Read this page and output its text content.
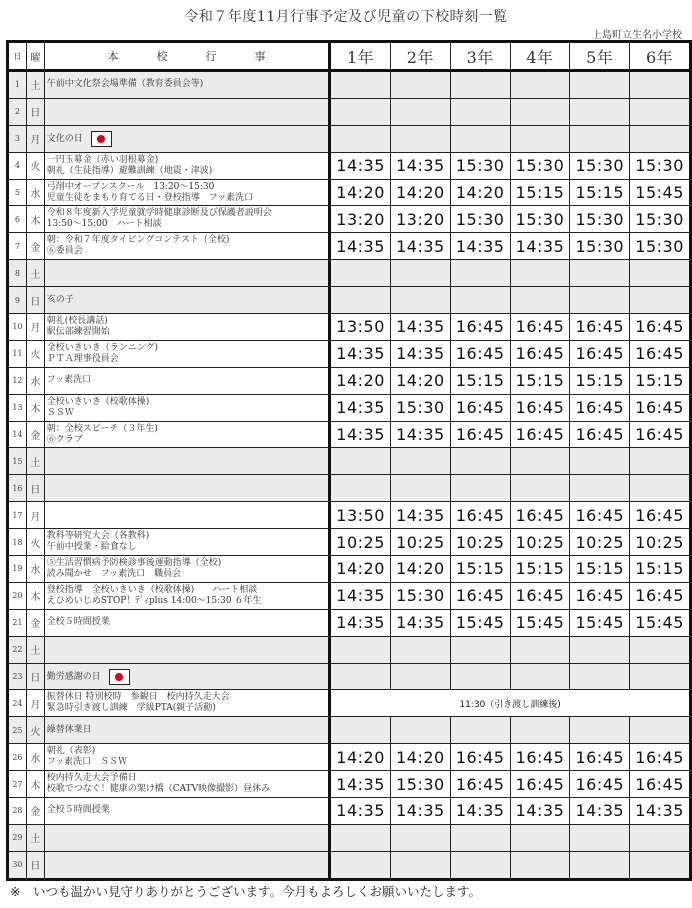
令和７年度11月行事予定及び児童の下校時刻一覧
上島町立生名小学校
日	曜	本校行事	1年	2年	3年	4年	5年	6年
1	土	午前中文化祭会場準備（教育委員会等)						

2	日	

3	月	文化の日						
4	火	一円玉募金（赤い羽根募金)
朝礼（生徒指導）避難訓練（地震・津波)	14:35	14:35	15:30	15:30	15:30	15:30
5	水	弓削中オープンスクール　13:20～15:30
児童生徒をまもり育てる日・登校指導　フッ素洗口	14:20	14:20	14:20	15:15	15:15	15:45
6	木	令和８年度新入学児童就学時健康診断及び保護者説明会
13:50～15:00　ハート相談	13:20	13:20	15:30	15:30	15:30	15:30
7	金	朝：令和７年度タイピングコンテスト（全校)
⑥委員会	14:35	14:35	14:35	14:35	15:30	15:30
8	土	

9	日	亥の子						

10	月	朝礼(校長講話)
駅伝部練習開始	13:50	14:35	16:45	16:45	16:45	16:45
11	火	全校いきいき（ランニング)
ＰＴＡ理事役員会	14:35	14:35	16:45	16:45	16:45	16:45
12	水	フッ素洗口	14:20	14:20	15:15	15:15	15:15	15:15
13	木	全校いきいき（校歌体操)
ＳＳＷ	14:35	15:30	16:45	16:45	16:45	16:45
14	金	朝：全校スピーチ（３年生)
⑥クラブ	14:35	14:35	16:45	16:45	16:45	16:45
15	土	

16	日	

17	月		13:50	14:35	16:45	16:45	16:45	16:45
18	火	教科等研究大会（各教科)
午前中授業・給食なし	10:25	10:25	10:25	10:25	10:25	10:25
19	水	⑤生活習慣病予防検診事後運動指導（全校)
読み聞かせ　フッ素洗口　職員会	14:20	14:20	15:15	15:15	15:15	15:15
20	木	登校指導　全校いきいき（校歌体操)　　ハート相談
えひめいじめSTOP！ﾃﾞｨplus 14:00～15:30 ６年生	14:35	15:30	16:45	16:45	16:45	16:45
21	金	全校５時間授業	14:35	14:35	15:45	15:45	15:45	15:45
22	土	

23	日	勤労感謝の日						
24	月	振替休日 特別校時　参観日　校内持久走大会
緊急時引き渡し訓練　学級PTA(親子活動)	11:30（引き渡し訓練後)					
25	火	繰替休業日						

26	水	朝礼（表彰)
フッ素洗口　ＳＳＷ	14:20	14:20	16:45	16:45	16:45	16:45
27	木	校内持久走大会予備日
校歌でつなぐ！健康の架け橋（CATV映像撮影）昼休み	14:35	15:30	16:45	16:45	16:45	16:45
28	金	全校５時間授業	14:35	14:35	14:35	14:35	14:35	14:35
29	土	

30	日	

※　いつも温かい見守りありがとうございます。今月もよろしくお願いいたします。
